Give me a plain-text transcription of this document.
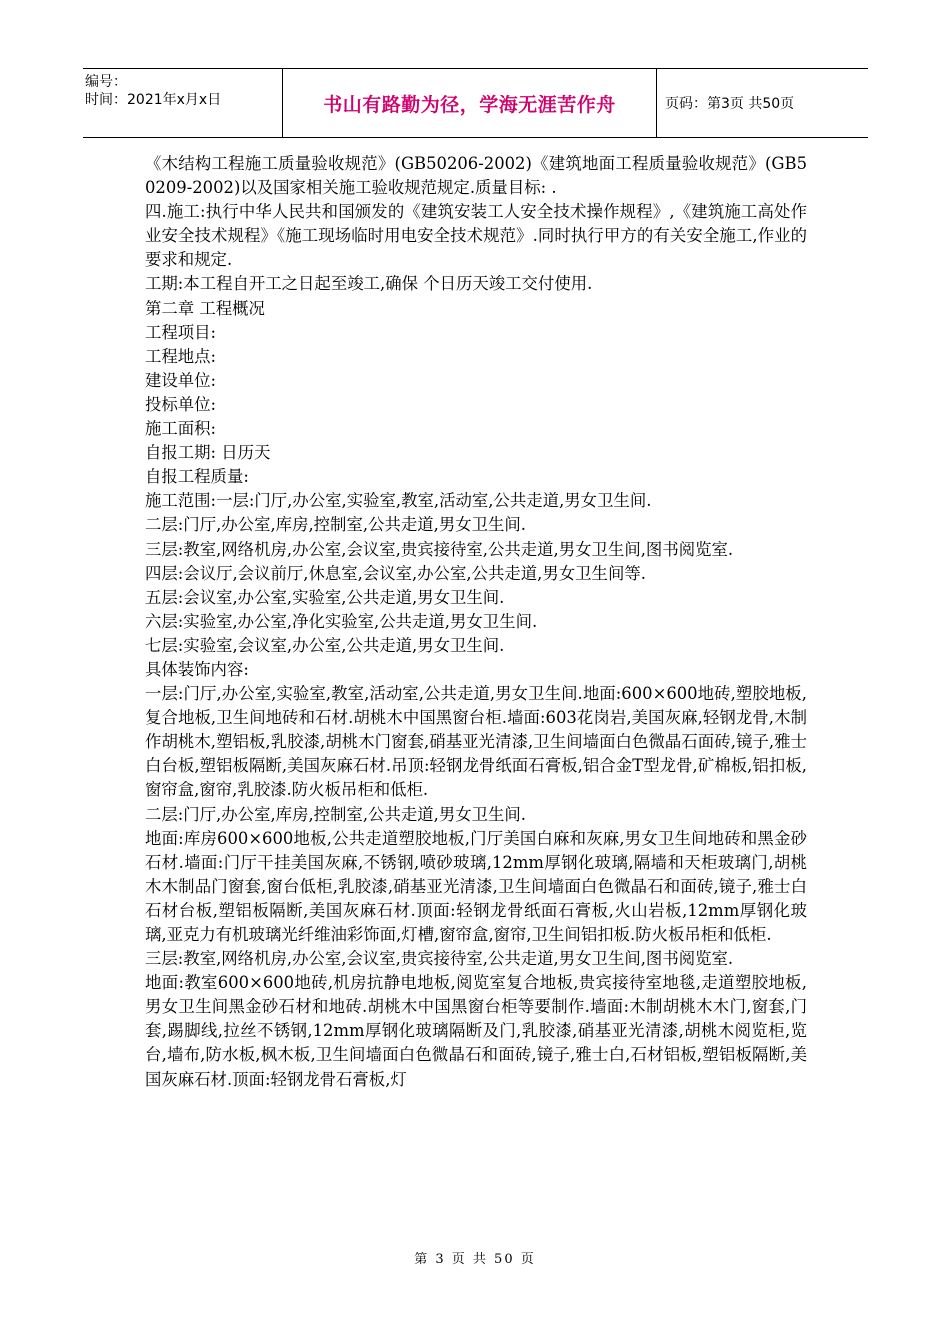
编号：
时间：2021年x月x日	书山有路勤为径，学海无涯苦作舟	页码：第3页 共50页

《木结构工程施工质量验收规范》(GB50206-2002)《建筑地面工程质量验收规范》(GB50209-2002)以及国家相关施工验收规范规定.质量目标: .

四.施工:执行中华人民共和国颁发的《建筑安装工人安全技术操作规程》,《建筑施工高处作业安全技术规程》《施工现场临时用电安全技术规范》.同时执行甲方的有关安全施工,作业的要求和规定.

工期:本工程自开工之日起至竣工,确保 个日历天竣工交付使用.

第二章 工程概况

工程项目:

工程地点:

建设单位:

投标单位:

施工面积:

自报工期: 日历天

自报工程质量:

施工范围:一层:门厅,办公室,实验室,教室,活动室,公共走道,男女卫生间.

二层:门厅,办公室,库房,控制室,公共走道,男女卫生间.

三层:教室,网络机房,办公室,会议室,贵宾接待室,公共走道,男女卫生间,图书阅览室.

四层:会议厅,会议前厅,休息室,会议室,办公室,公共走道,男女卫生间等.

五层:会议室,办公室,实验室,公共走道,男女卫生间.

六层:实验室,办公室,净化实验室,公共走道,男女卫生间.

七层:实验室,会议室,办公室,公共走道,男女卫生间.

具体装饰内容:

一层:门厅,办公室,实验室,教室,活动室,公共走道,男女卫生间.地面:600×600地砖,塑胶地板,复合地板,卫生间地砖和石材.胡桃木中国黑窗台柜.墙面:603花岗岩,美国灰麻,轻钢龙骨,木制作胡桃木,塑铝板,乳胶漆,胡桃木门窗套,硝基亚光清漆,卫生间墙面白色微晶石面砖,镜子,雅士白台板,塑铝板隔断,美国灰麻石材.吊顶:轻钢龙骨纸面石膏板,铝合金T型龙骨,矿棉板,铝扣板,窗帘盒,窗帘,乳胶漆.防火板吊柜和低柜.

二层:门厅,办公室,库房,控制室,公共走道,男女卫生间.

地面:库房600×600地板,公共走道塑胶地板,门厅美国白麻和灰麻,男女卫生间地砖和黑金砂石材.墙面:门厅干挂美国灰麻,不锈钢,喷砂玻璃,12mm厚钢化玻璃,隔墙和天柜玻璃门,胡桃木木制品门窗套,窗台低柜,乳胶漆,硝基亚光清漆,卫生间墙面白色微晶石和面砖,镜子,雅士白石材台板,塑铝板隔断,美国灰麻石材.顶面:轻钢龙骨纸面石膏板,火山岩板,12mm厚钢化玻璃,亚克力有机玻璃光纤维油彩饰面,灯槽,窗帘盒,窗帘,卫生间铝扣板.防火板吊柜和低柜.

三层:教室,网络机房,办公室,会议室,贵宾接待室,公共走道,男女卫生间,图书阅览室.

地面:教室600×600地砖,机房抗静电地板,阅览室复合地板,贵宾接待室地毯,走道塑胶地板,男女卫生间黑金砂石材和地砖.胡桃木中国黑窗台柜等要制作.墙面:木制胡桃木木门,窗套,门套,踢脚线,拉丝不锈钢,12mm厚钢化玻璃隔断及门,乳胶漆,硝基亚光清漆,胡桃木阅览柜,览台,墙布,防水板,枫木板,卫生间墙面白色微晶石和面砖,镜子,雅士白,石材铝板,塑铝板隔断,美国灰麻石材.顶面:轻钢龙骨石膏板,灯

第 3 页 共 50 页
